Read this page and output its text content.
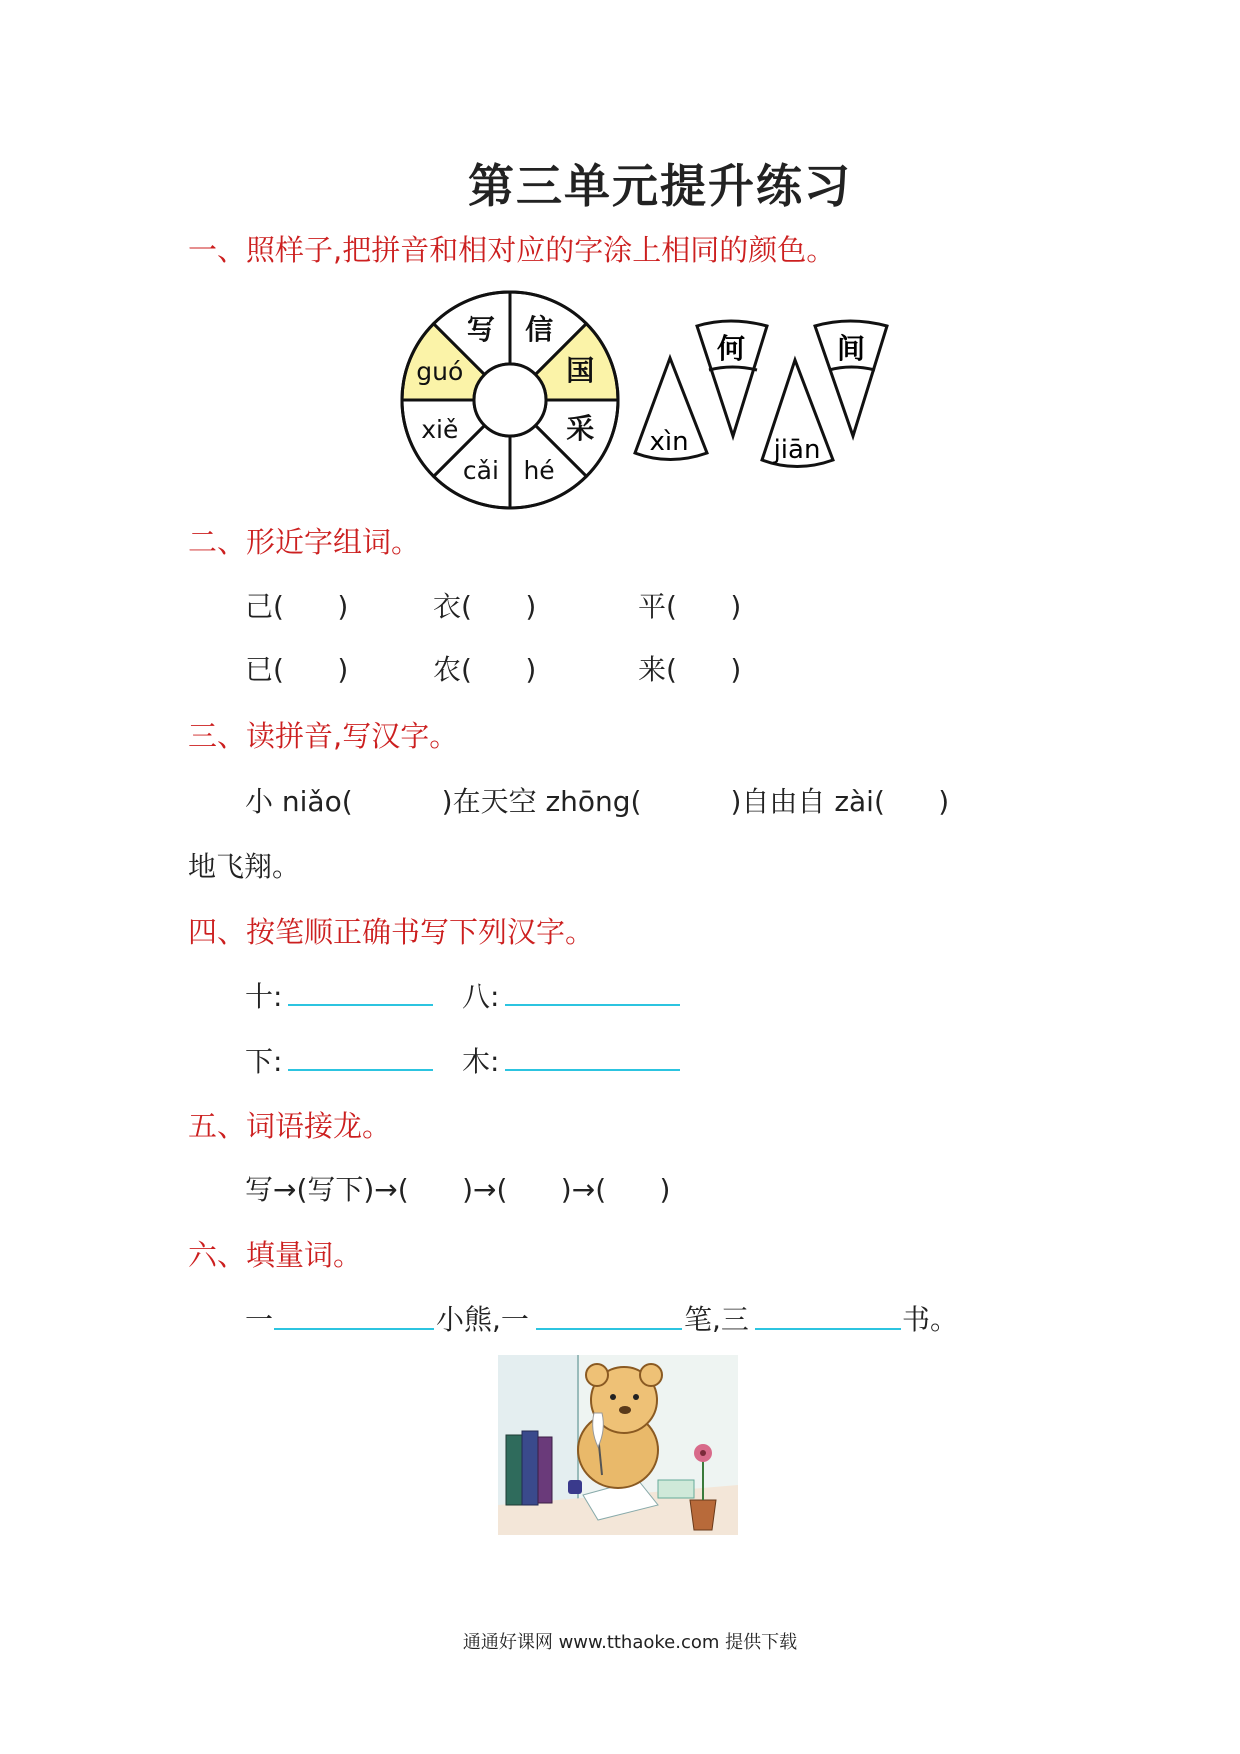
第三单元提升练习
一、照样子,把拼音和相对应的字涂上相同的颜色。
信
国
采
hé
cǎi
xiě
guó
写
何
xìn
间
jiān
二、形近字组词。
己(      )	衣(      )	平(      )
已(      )	农(      )	来(      )
三、读拼音,写汉字。
小 niǎo(          )在天空 zhōng(          )自由自 zài(      )
地飞翔。
四、按笔顺正确书写下列汉字。
十:	八:
下:	木:
五、词语接龙。
写→(写下)→(      )→(      )→(      )
六、填量词。
一	小熊,一	笔,三	书。
通通好课网 www.tthaoke.com 提供下载
